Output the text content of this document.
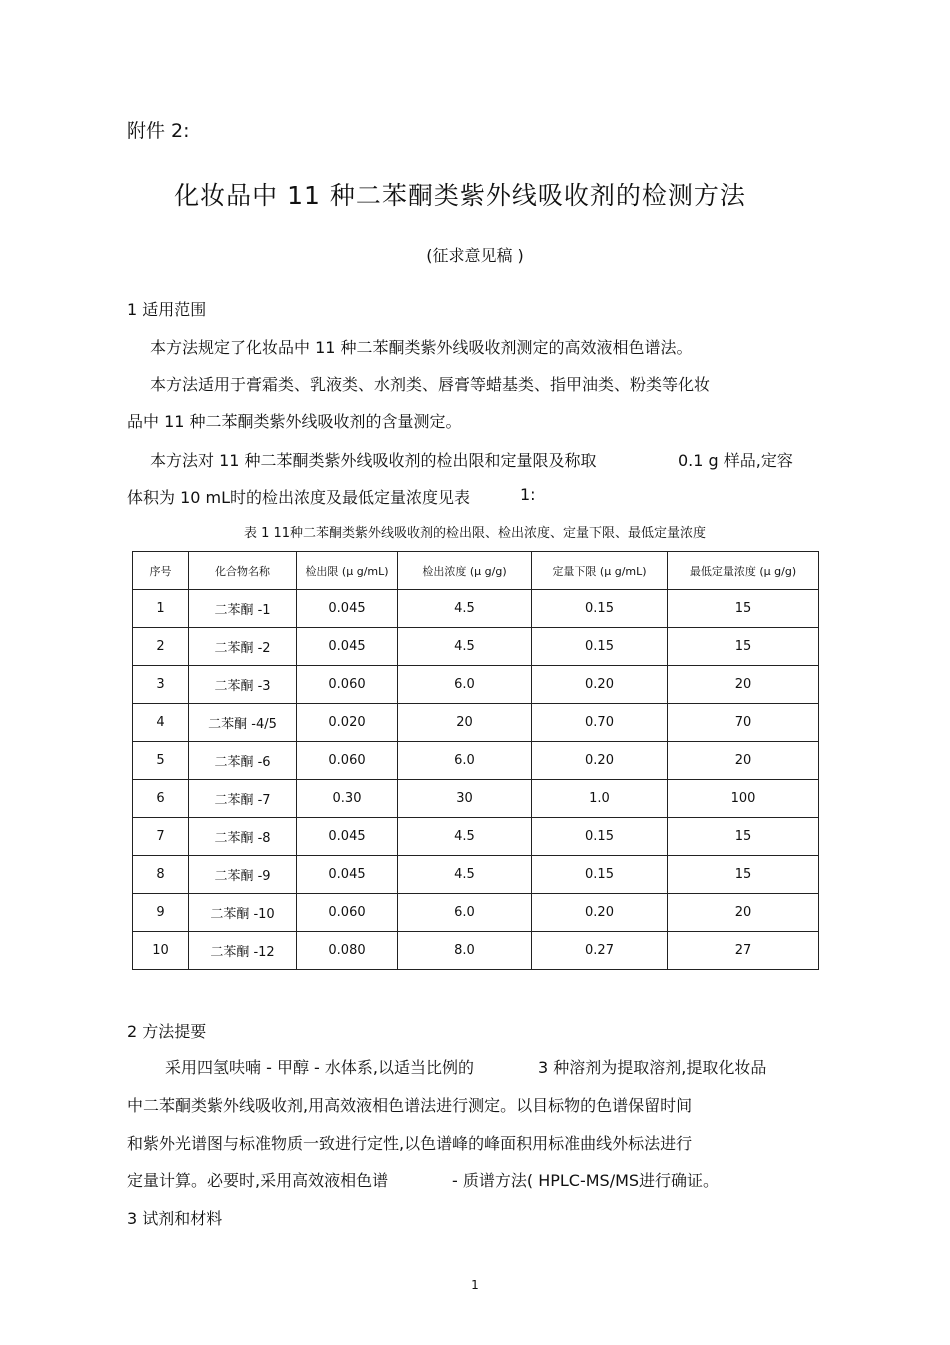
附件 2:
化妆品中 11 种二苯酮类紫外线吸收剂的检测方法
(征求意见稿 )
1 适用范围
本方法规定了化妆品中 11 种二苯酮类紫外线吸收剂测定的高效液相色谱法。
本方法适用于膏霜类、乳液类、水剂类、唇膏等蜡基类、指甲油类、粉类等化妆
品中 11 种二苯酮类紫外线吸收剂的含量测定。
本方法对 11 种二苯酮类紫外线吸收剂的检出限和定量限及称取	0.1 g 样品,定容
体积为 10 mL时的检出浓度及最低定量浓度见表	1:
表 1 11种二苯酮类紫外线吸收剂的检出限、检出浓度、定量下限、最低定量浓度
序号	化合物名称	检出限 (μ g/mL)	检出浓度 (μ g/g)	定量下限 (μ g/mL)	最低定量浓度 (μ g/g)
1	二苯酮 -1	0.045	4.5	0.15	15
2	二苯酮 -2	0.045	4.5	0.15	15
3	二苯酮 -3	0.060	6.0	0.20	20
4	二苯酮 -4/5	0.020	20	0.70	70
5	二苯酮 -6	0.060	6.0	0.20	20
6	二苯酮 -7	0.30	30	1.0	100
7	二苯酮 -8	0.045	4.5	0.15	15
8	二苯酮 -9	0.045	4.5	0.15	15
9	二苯酮 -10	0.060	6.0	0.20	20
10	二苯酮 -12	0.080	8.0	0.27	27
2 方法提要
采用四氢呋喃 - 甲醇 - 水体系,以适当比例的	3 种溶剂为提取溶剂,提取化妆品
中二苯酮类紫外线吸收剂,用高效液相色谱法进行测定。以目标物的色谱保留时间
和紫外光谱图与标准物质一致进行定性,以色谱峰的峰面积用标准曲线外标法进行
定量计算。必要时,采用高效液相色谱	- 质谱方法( HPLC-MS/MS进行确证。
3 试剂和材料
1
